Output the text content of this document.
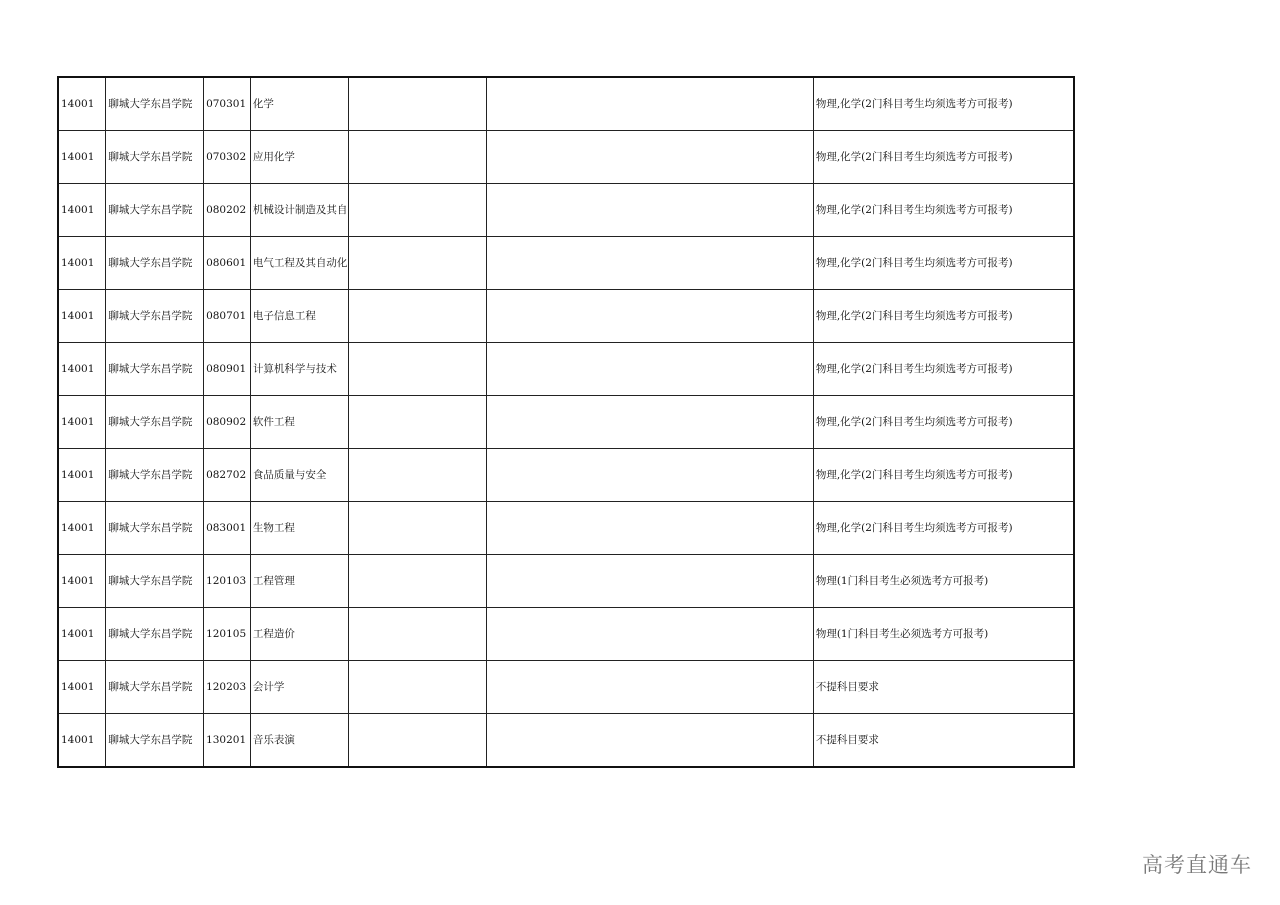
14001	聊城大学东昌学院	070301	化学			物理,化学(2门科目考生均须选考方可报考)
14001	聊城大学东昌学院	070302	应用化学			物理,化学(2门科目考生均须选考方可报考)
14001	聊城大学东昌学院	080202	机械设计制造及其自			物理,化学(2门科目考生均须选考方可报考)
14001	聊城大学东昌学院	080601	电气工程及其自动化			物理,化学(2门科目考生均须选考方可报考)
14001	聊城大学东昌学院	080701	电子信息工程			物理,化学(2门科目考生均须选考方可报考)
14001	聊城大学东昌学院	080901	计算机科学与技术			物理,化学(2门科目考生均须选考方可报考)
14001	聊城大学东昌学院	080902	软件工程			物理,化学(2门科目考生均须选考方可报考)
14001	聊城大学东昌学院	082702	食品质量与安全			物理,化学(2门科目考生均须选考方可报考)
14001	聊城大学东昌学院	083001	生物工程			物理,化学(2门科目考生均须选考方可报考)
14001	聊城大学东昌学院	120103	工程管理			物理(1门科目考生必须选考方可报考)
14001	聊城大学东昌学院	120105	工程造价			物理(1门科目考生必须选考方可报考)
14001	聊城大学东昌学院	120203	会计学			不提科目要求
14001	聊城大学东昌学院	130201	音乐表演			不提科目要求
高考直通车
